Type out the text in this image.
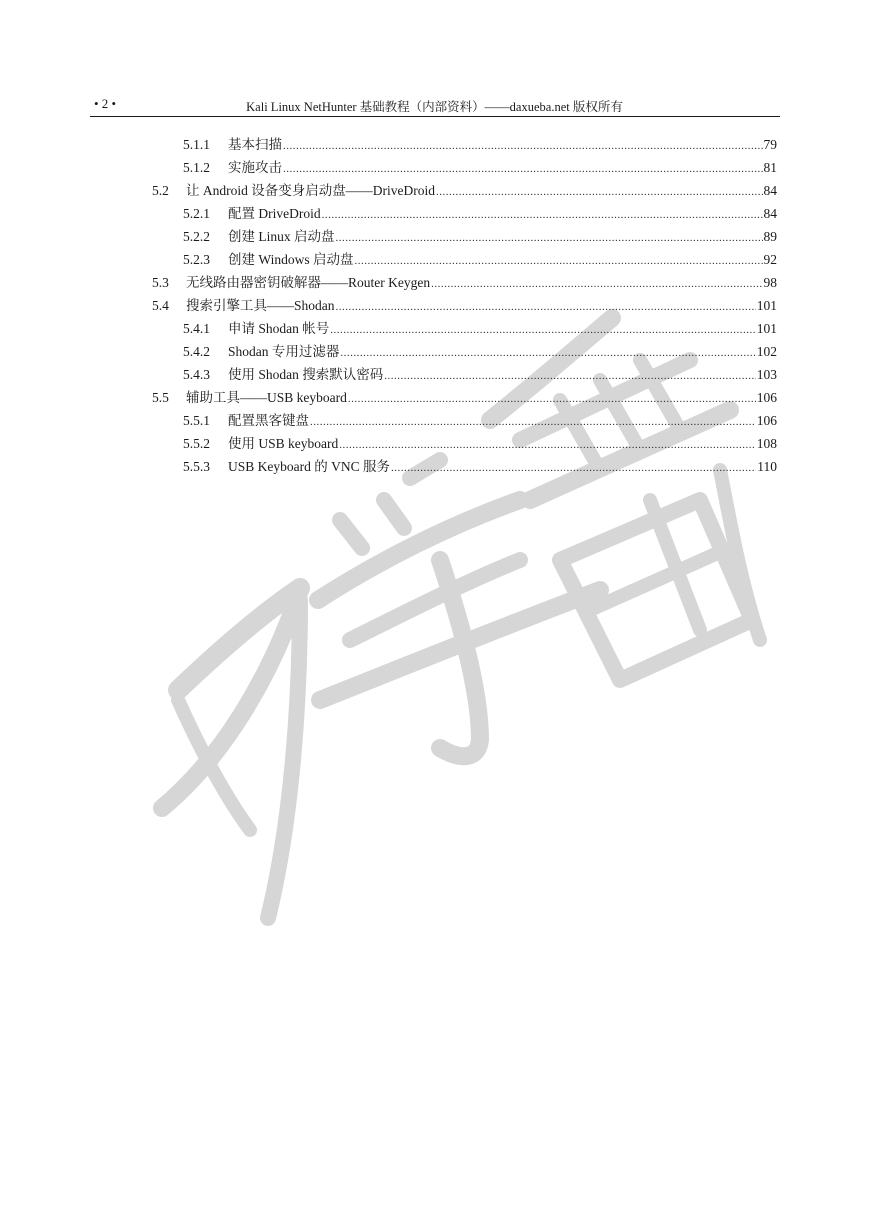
• 2 •	Kali Linux NetHunter 基础教程（内部资料）——daxueba.net 版权所有
5.1.1	基本扫描 .....	79
5.1.2	实施攻击 .....	81
5.2	让 Android 设备变身启动盘——DriveDroid .....	84
5.2.1	配置 DriveDroid .....	84
5.2.2	创建 Linux 启动盘 .....	89
5.2.3	创建 Windows 启动盘 .....	92
5.3	无线路由器密钥破解器——Router Keygen .....	98
5.4	搜索引擎工具——Shodan .....	101
5.4.1	申请 Shodan 帐号 .....	101
5.4.2	Shodan 专用过滤器 .....	102
5.4.3	使用 Shodan 搜索默认密码 .....	103
5.5	辅助工具——USB keyboard .....	106
5.5.1	配置黑客键盘 .....	106
5.5.2	使用 USB keyboard .....	108
5.5.3	USB Keyboard 的 VNC 服务 .....	110
